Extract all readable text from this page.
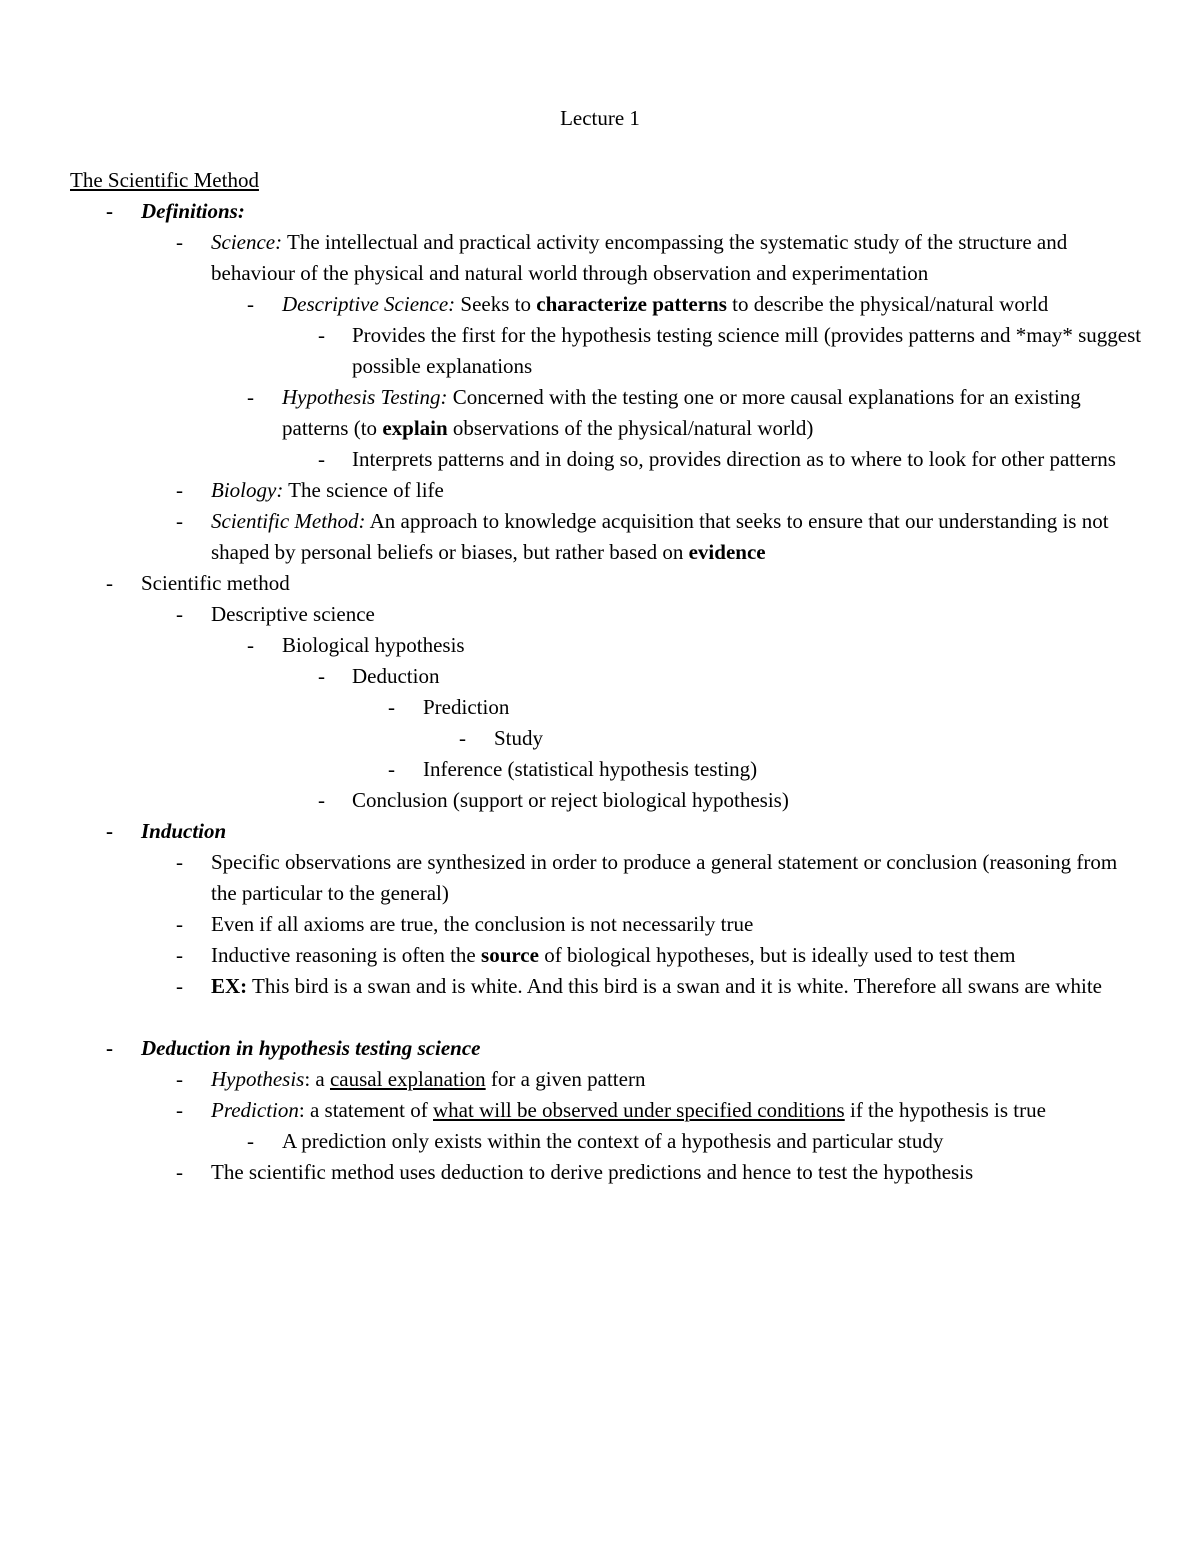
Lecture 1
The Scientific Method
- Definitions:
- Science: The intellectual and practical activity encompassing the systematic study of the structure and behaviour of the physical and natural world through observation and experimentation
- Descriptive Science: Seeks to characterize patterns to describe the physical/natural world
- Provides the first for the hypothesis testing science mill (provides patterns and *may* suggest possible explanations
- Hypothesis Testing: Concerned with the testing one or more causal explanations for an existing patterns (to explain observations of the physical/natural world)
- Interprets patterns and in doing so, provides direction as to where to look for other patterns
- Biology: The science of life
- Scientific Method: An approach to knowledge acquisition that seeks to ensure that our understanding is not shaped by personal beliefs or biases, but rather based on evidence
- Scientific method
- Descriptive science
- Biological hypothesis
- Deduction
- Prediction
- Study
- Inference (statistical hypothesis testing)
- Conclusion (support or reject biological hypothesis)
- Induction
- Specific observations are synthesized in order to produce a general statement or conclusion (reasoning from the particular to the general)
- Even if all axioms are true, the conclusion is not necessarily true
- Inductive reasoning is often the source of biological hypotheses, but is ideally used to test them
- EX: This bird is a swan and is white. And this bird is a swan and it is white. Therefore all swans are white
- Deduction in hypothesis testing science
- Hypothesis: a causal explanation for a given pattern
- Prediction: a statement of what will be observed under specified conditions if the hypothesis is true
- A prediction only exists within the context of a hypothesis and particular study
- The scientific method uses deduction to derive predictions and hence to test the hypothesis
